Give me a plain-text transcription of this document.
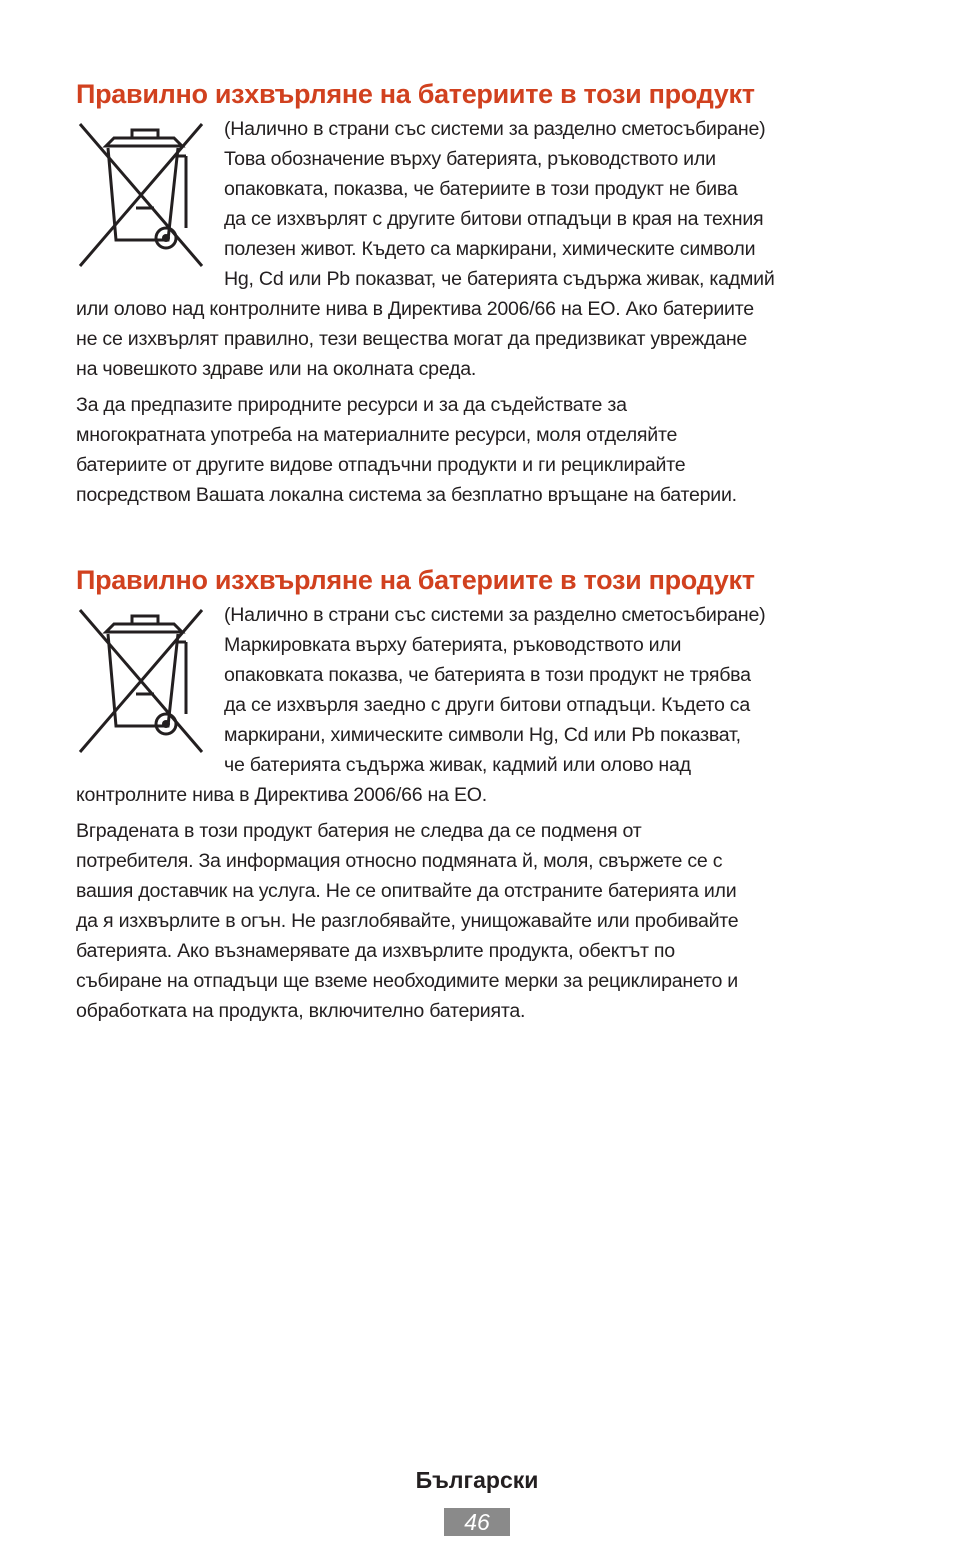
Правилно изхвърляне на батериите в този продукт
(Налично в страни със системи за разделно сметосъбиране)
Това обозначение върху батерията, ръководството или
опаковката, показва, че батериите в този продукт не бива
да се изхвърлят с другите битови отпадъци в края на техния
полезен живот. Където са маркирани, химическите символи
Hg, Cd или Pb показват, че батерията съдържа живак, кадмий
или олово над контролните нива в Директива 2006/66 на ЕО. Ако батериите
не се изхвърлят правилно, тези вещества могат да предизвикат увреждане
на човешкото здраве или на околната среда.

За да предпазите природните ресурси и за да съдействате за
многократната употреба на материалните ресурси, моля отделяйте
батериите от другите видове отпадъчни продукти и ги рециклирайте
посредством Вашата локална система за безплатно връщане на батерии.

Правилно изхвърляне на батериите в този продукт
(Налично в страни със системи за разделно сметосъбиране)
Маркировката върху батерията, ръководството или
опаковката показва, че батерията в този продукт не трябва
да се изхвърля заедно с други битови отпадъци. Където са
маркирани, химическите символи Hg, Cd или Pb показват,
че батерията съдържа живак, кадмий или олово над
контролните нива в Директива 2006/66 на ЕО.

Вградената в този продукт батерия не следва да се подменя от
потребителя. За информация относно подмяната й, моля, свържете се с
вашия доставчик на услуга. Не се опитвайте да отстраните батерията или
да я изхвърлите в огън. Не разглобявайте, унищожавайте или пробивайте
батерията. Ако възнамерявате да изхвърлите продукта, обектът по
събиране на отпадъци ще вземе необходимите мерки за рециклирането и
обработката на продукта, включително батерията.

Български
46
